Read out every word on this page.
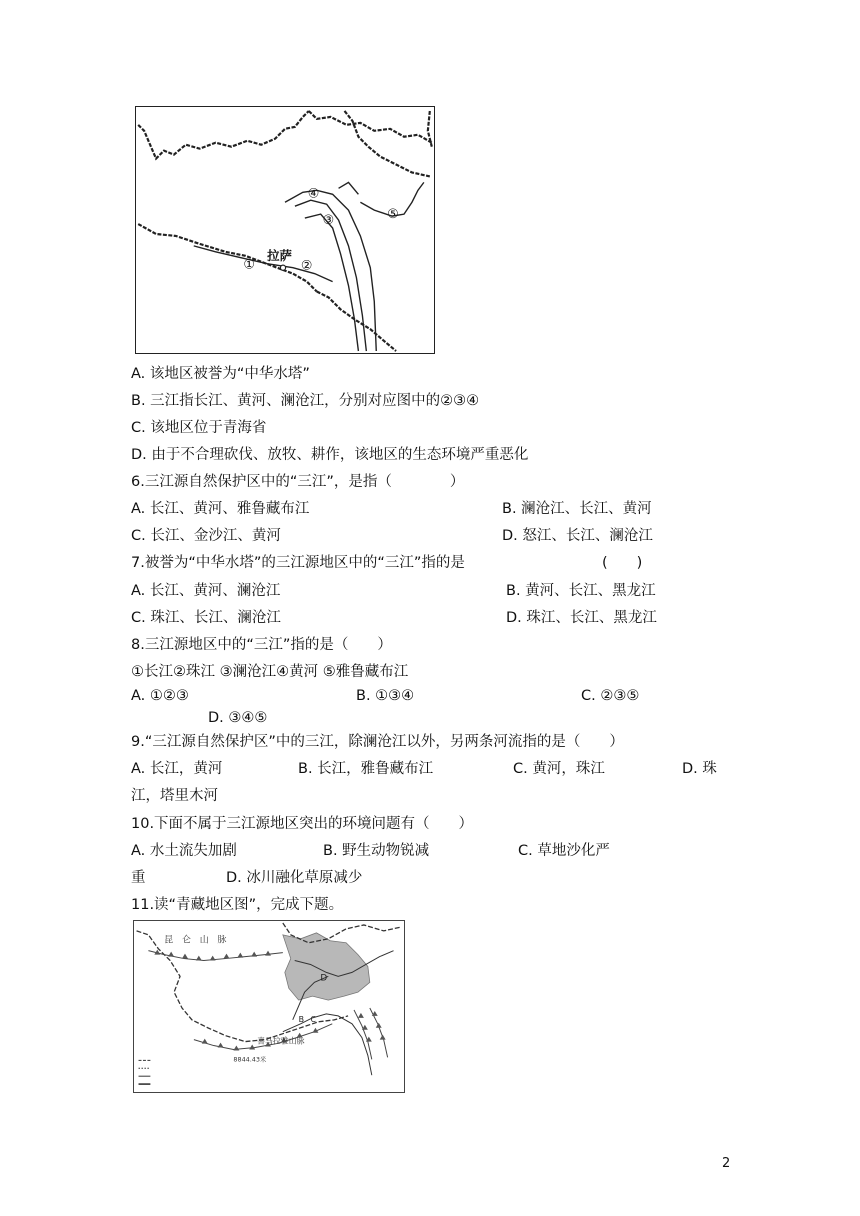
拉萨
①	②
③
④
⑤
A. 该地区被誉为“中华水塔”
B. 三江指长江、黄河、澜沧江，分别对应图中的②③④
C. 该地区位于青海省
D. 由于不合理砍伐、放牧、耕作，该地区的生态环境严重恶化
6.三江源自然保护区中的“三江”，是指（　　　　）
A. 长江、黄河、雅鲁藏布江	B. 澜沧江、长江、黄河
C. 长江、金沙江、黄河	D. 怒江、长江、澜沧江
7.被誉为“中华水塔”的三江源地区中的“三江”指的是	(　　)
A. 长江、黄河、澜沧江	B. 黄河、长江、黑龙江
C. 珠江、长江、澜沧江	D. 珠江、长江、黑龙江
8.三江源地区中的“三江”指的是（　　）
①长江②珠江 ③澜沧江④黄河 ⑤雅鲁藏布江
A. ①②③	B. ①③④	C. ②③⑤
D. ③④⑤
9.“三江源自然保护区”中的三江，除澜沧江以外，另两条河流指的是（　　）
A. 长江，黄河	B. 长江，雅鲁藏布江	C. 黄河，珠江	D. 珠
江，塔里木河
10.下面不属于三江源地区突出的环境问题有（　　）
A. 水土流失加剧	B. 野生动物锐减	C. 草地沙化严
重	D. 冰川融化草原减少
11.读“青藏地区图”，完成下题。
昆　仑　山　脉
D
B C
喜马拉雅山脉
8844.43米
2
